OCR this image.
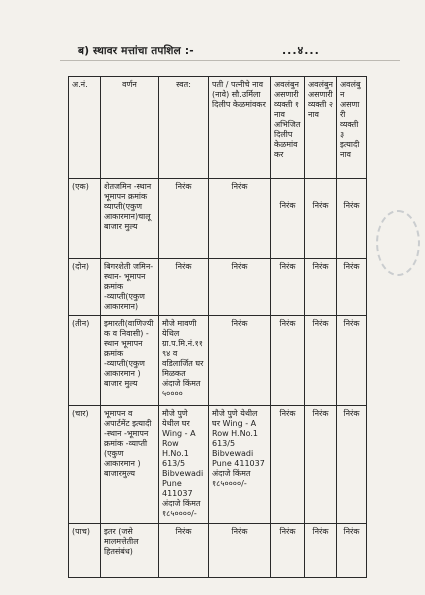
ब) स्थावर मत्तांचा तपशिल :-	...४...
अ.नं.	वर्णन	स्वत:	पती / पत्नीचे नाव (नावे) सौ.उर्मिला दिलीप केळमांवकर	अवलंबुन असणारी व्यक्ती १ नाव अभिजित दिलीप केळमांवकर	अवलंबुन असणारी व्यक्ती २ नाव	अवलंबुन असणारी व्यक्ती ३ इत्यादी नाव
(एक)	शेतजमिन -स्थान भूमापन क्रमांक व्याप्ती(एकुण आकारमान)चालू बाजार मुल्य	निरंक	निरंक	निरंक	निरंक	निरंक
(दोन)	बिगरशेती जमिन-स्थान- भूमापन क्रमांक -व्याप्ती(एकुण आकारमान)	निरंक	निरंक	निरंक	निरंक	निरंक
(तीन)	इमारती(वाणिज्यीक व निवासी) - स्थान भूमापन क्रमांक -व्याप्ती(एकुण आकारमान ) बाजार मुल्य	मौजे मावणी येथिल ग्रा.प.मि.नं.११९४ व वडिलार्जित घर मिळकत अंदाजे किंमत ५००००	निरंक	निरंक	निरंक	निरंक
(चार)	भूमापन व अपार्टमेंट इत्यादी -स्थान -भूमापन क्रमांक -व्याप्ती (एकुण आकारमान ) बाजारमुल्य	मौजे पुणे येथील घर Wing - A Row H.No.1 613/5 Bibvewadi Pune 411037 अंदाजे किंमत १८५००००/-	मौजे पुणे येथील घर Wing - A Row H.No.1 613/5 Bibvewadi Pune 411037 अंदाजे किंमत १८५००००/-	निरंक	निरंक	निरंक
(पाच)	इतर (जसे मालमत्तेतील हितसंबंध)	निरंक	निरंक	निरंक	निरंक	निरंक
